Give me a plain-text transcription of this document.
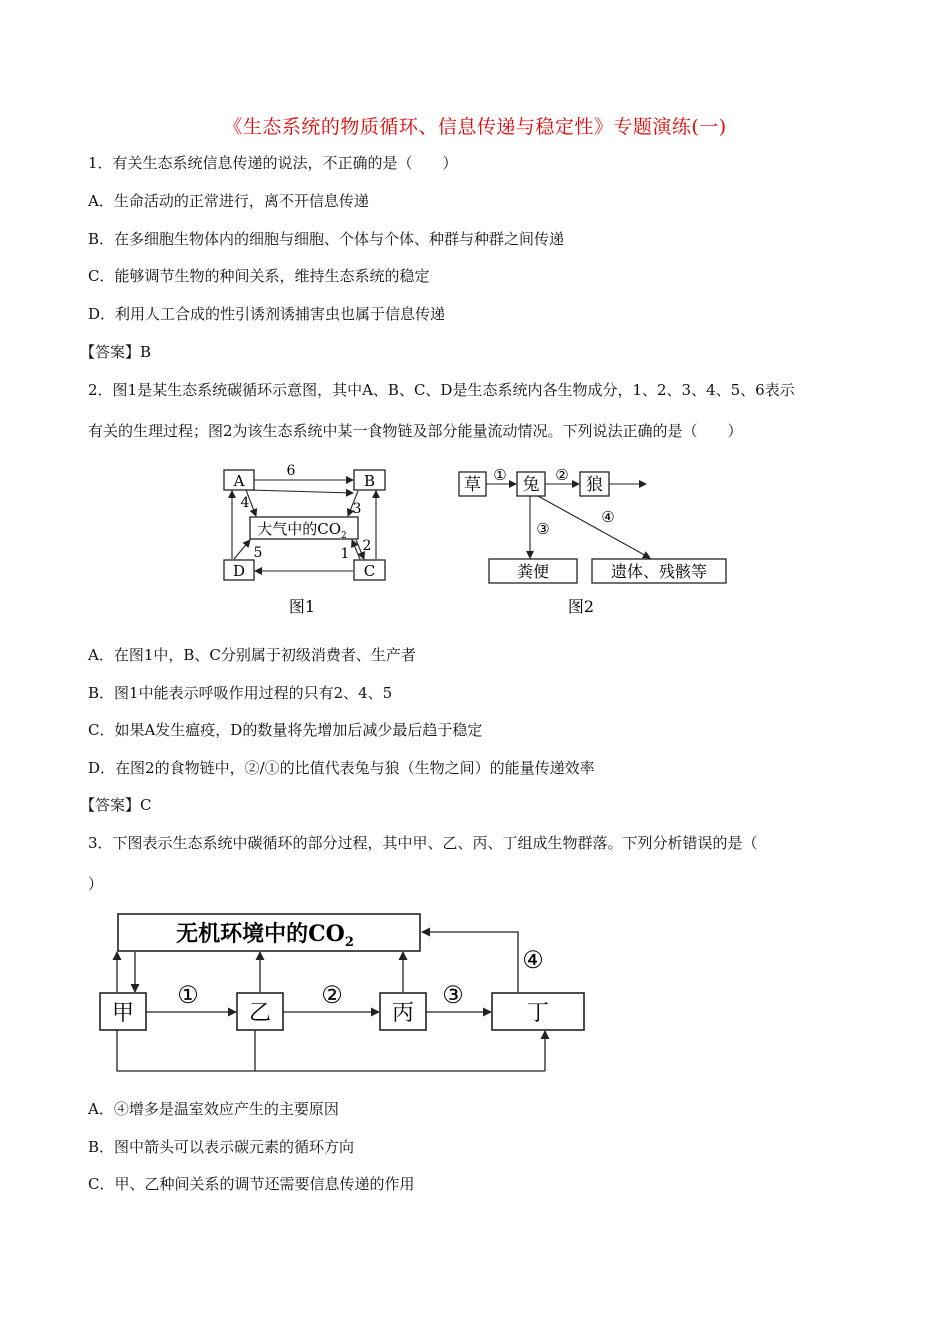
《生态系统的物质循环、信息传递与稳定性》专题演练(一)
1．有关生态系统信息传递的说法，不正确的是（　　）
A．生命活动的正常进行，离不开信息传递
B．在多细胞生物体内的细胞与细胞、个体与个体、种群与种群之间传递
C．能够调节生物的种间关系，维持生态系统的稳定
D．利用人工合成的性引诱剂诱捕害虫也属于信息传递
【答案】B
2．图1是某生态系统碳循环示意图，其中A、B、C、D是生态系统内各生物成分，1、2、3、4、5、6表示
有关的生理过程；图2为该生态系统中某一食物链及部分能量流动情况。下列说法正确的是（　　）
A	B
D	C
大气中的$CO_2$
6
4	3
5	1 2
图1
草 兔	狼
粪便	遗体、残骸等
①	②
③
④
图2
A．在图1中，B、C分别属于初级消费者、生产者
B．图1中能表示呼吸作用过程的只有2、4、5
C．如果A发生瘟疫，D的数量将先增加后减少最后趋于稳定
D．在图2的食物链中，②/①的比值代表兔与狼（生物之间）的能量传递效率
【答案】C
3．下图表示生态系统中碳循环的部分过程，其中甲、乙、丙、丁组成生物群落。下列分析错误的是（
）
无机环境中的$CO_2$
甲	乙	丙	丁
①	②	③
④
A．④增多是温室效应产生的主要原因
B．图中箭头可以表示碳元素的循环方向
C．甲、乙种间关系的调节还需要信息传递的作用
